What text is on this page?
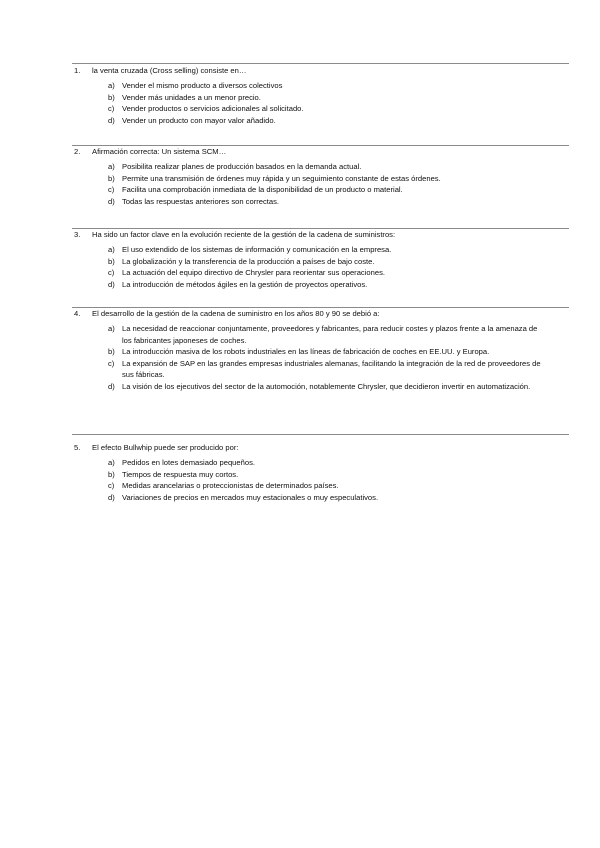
1.	la venta cruzada (Cross selling) consiste en…
a) Vender el mismo producto a diversos colectivos
b) Vender más unidades a un menor precio.
c)	Vender productos o servicios adicionales al solicitado.
d) Vender un producto con mayor valor añadido.
2.	Afirmación correcta: Un sistema SCM…
a) Posibilita realizar planes de producción basados en la demanda actual.
b) Permite una transmisión de órdenes muy rápida y un seguimiento constante de estas órdenes.
c)	Facilita una comprobación inmediata de la disponibilidad de un producto o material.
d) Todas las respuestas anteriores son correctas.
3.	Ha sido un factor clave en la evolución reciente de la gestión de la cadena de suministros:
a) El uso extendido de los sistemas de información y comunicación en la empresa.
b) La globalización y la transferencia de la producción a países de bajo coste.
c)	La actuación del equipo directivo de Chrysler para reorientar sus operaciones.
d) La introducción de métodos ágiles en la gestión de proyectos operativos.
4.	El desarrollo de la gestión de la cadena de suministro en los años 80 y 90 se debió a:
a) La necesidad de reaccionar conjuntamente, proveedores y fabricantes, para reducir costes y plazos frente a la amenaza de los fabricantes japoneses de coches.
b) La introducción masiva de los robots industriales en las líneas de fabricación de coches en EE.UU. y Europa.
c)	La expansión de SAP en las grandes empresas industriales alemanas, facilitando la integración de la red de proveedores de sus fábricas.
d) La visión de los ejecutivos del sector de la automoción, notablemente Chrysler, que decidieron invertir en automatización.
5.	El efecto Bullwhip puede ser producido por:
a) Pedidos en lotes demasiado pequeños.
b) Tiempos de respuesta muy cortos.
c)	Medidas arancelarias o proteccionistas de determinados países.
d) Variaciones de precios en mercados muy estacionales o muy especulativos.
